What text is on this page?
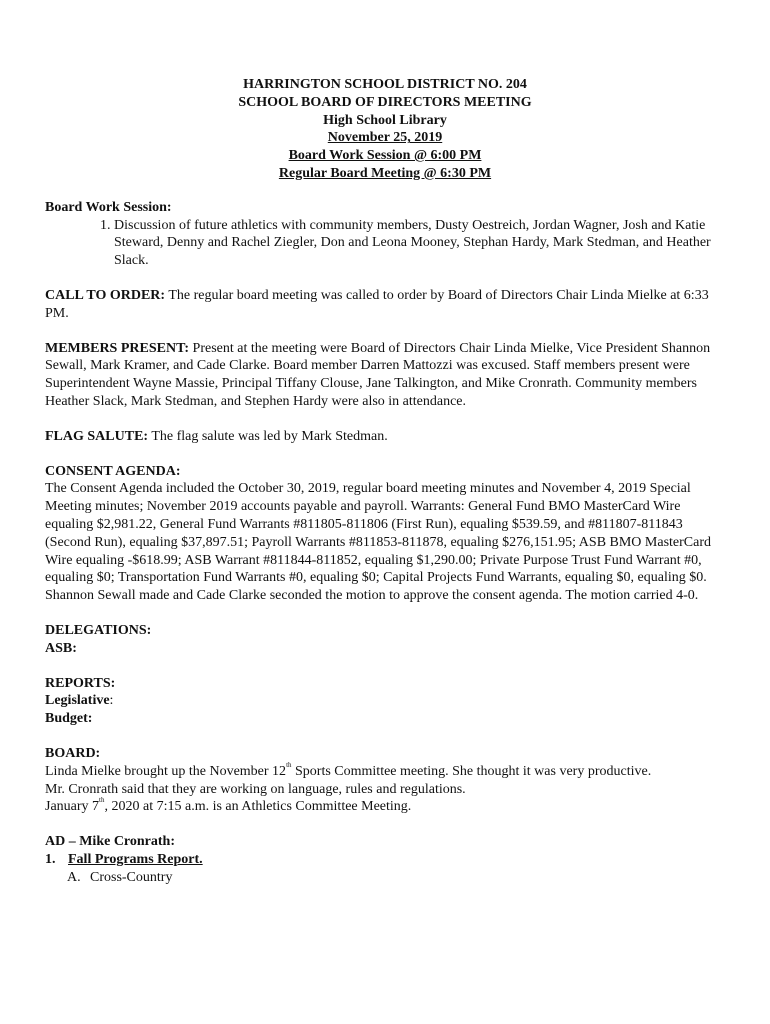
HARRINGTON SCHOOL DISTRICT NO. 204
SCHOOL BOARD OF DIRECTORS MEETING
High School Library
November 25, 2019
Board Work Session @ 6:00 PM
Regular Board Meeting @ 6:30 PM
Board Work Session:
1. Discussion of future athletics with community members, Dusty Oestreich, Jordan Wagner, Josh and Katie Steward, Denny and Rachel Ziegler, Don and Leona Mooney, Stephan Hardy, Mark Stedman, and Heather Slack.
CALL TO ORDER: The regular board meeting was called to order by Board of Directors Chair Linda Mielke at 6:33 PM.
MEMBERS PRESENT: Present at the meeting were Board of Directors Chair Linda Mielke, Vice President Shannon Sewall, Mark Kramer, and Cade Clarke. Board member Darren Mattozzi was excused. Staff members present were Superintendent Wayne Massie, Principal Tiffany Clouse, Jane Talkington, and Mike Cronrath. Community members Heather Slack, Mark Stedman, and Stephen Hardy were also in attendance.
FLAG SALUTE: The flag salute was led by Mark Stedman.
CONSENT AGENDA:
The Consent Agenda included the October 30, 2019, regular board meeting minutes and November 4, 2019 Special Meeting minutes; November 2019 accounts payable and payroll. Warrants: General Fund BMO MasterCard Wire equaling $2,981.22, General Fund Warrants #811805-811806 (First Run), equaling $539.59, and #811807-811843 (Second Run), equaling $37,897.51; Payroll Warrants #811853-811878, equaling $276,151.95; ASB BMO MasterCard Wire equaling -$618.99; ASB Warrant #811844-811852, equaling $1,290.00; Private Purpose Trust Fund Warrant #0, equaling $0; Transportation Fund Warrants #0, equaling $0; Capital Projects Fund Warrants, equaling $0, equaling $0.
Shannon Sewall made and Cade Clarke seconded the motion to approve the consent agenda. The motion carried 4-0.
DELEGATIONS:
ASB:
REPORTS:
Legislative:
Budget:
BOARD:
Linda Mielke brought up the November 12th Sports Committee meeting. She thought it was very productive.
Mr. Cronrath said that they are working on language, rules and regulations.
January 7th, 2020 at 7:15 a.m. is an Athletics Committee Meeting.
AD – Mike Cronrath:
1. Fall Programs Report.
A. Cross-Country
